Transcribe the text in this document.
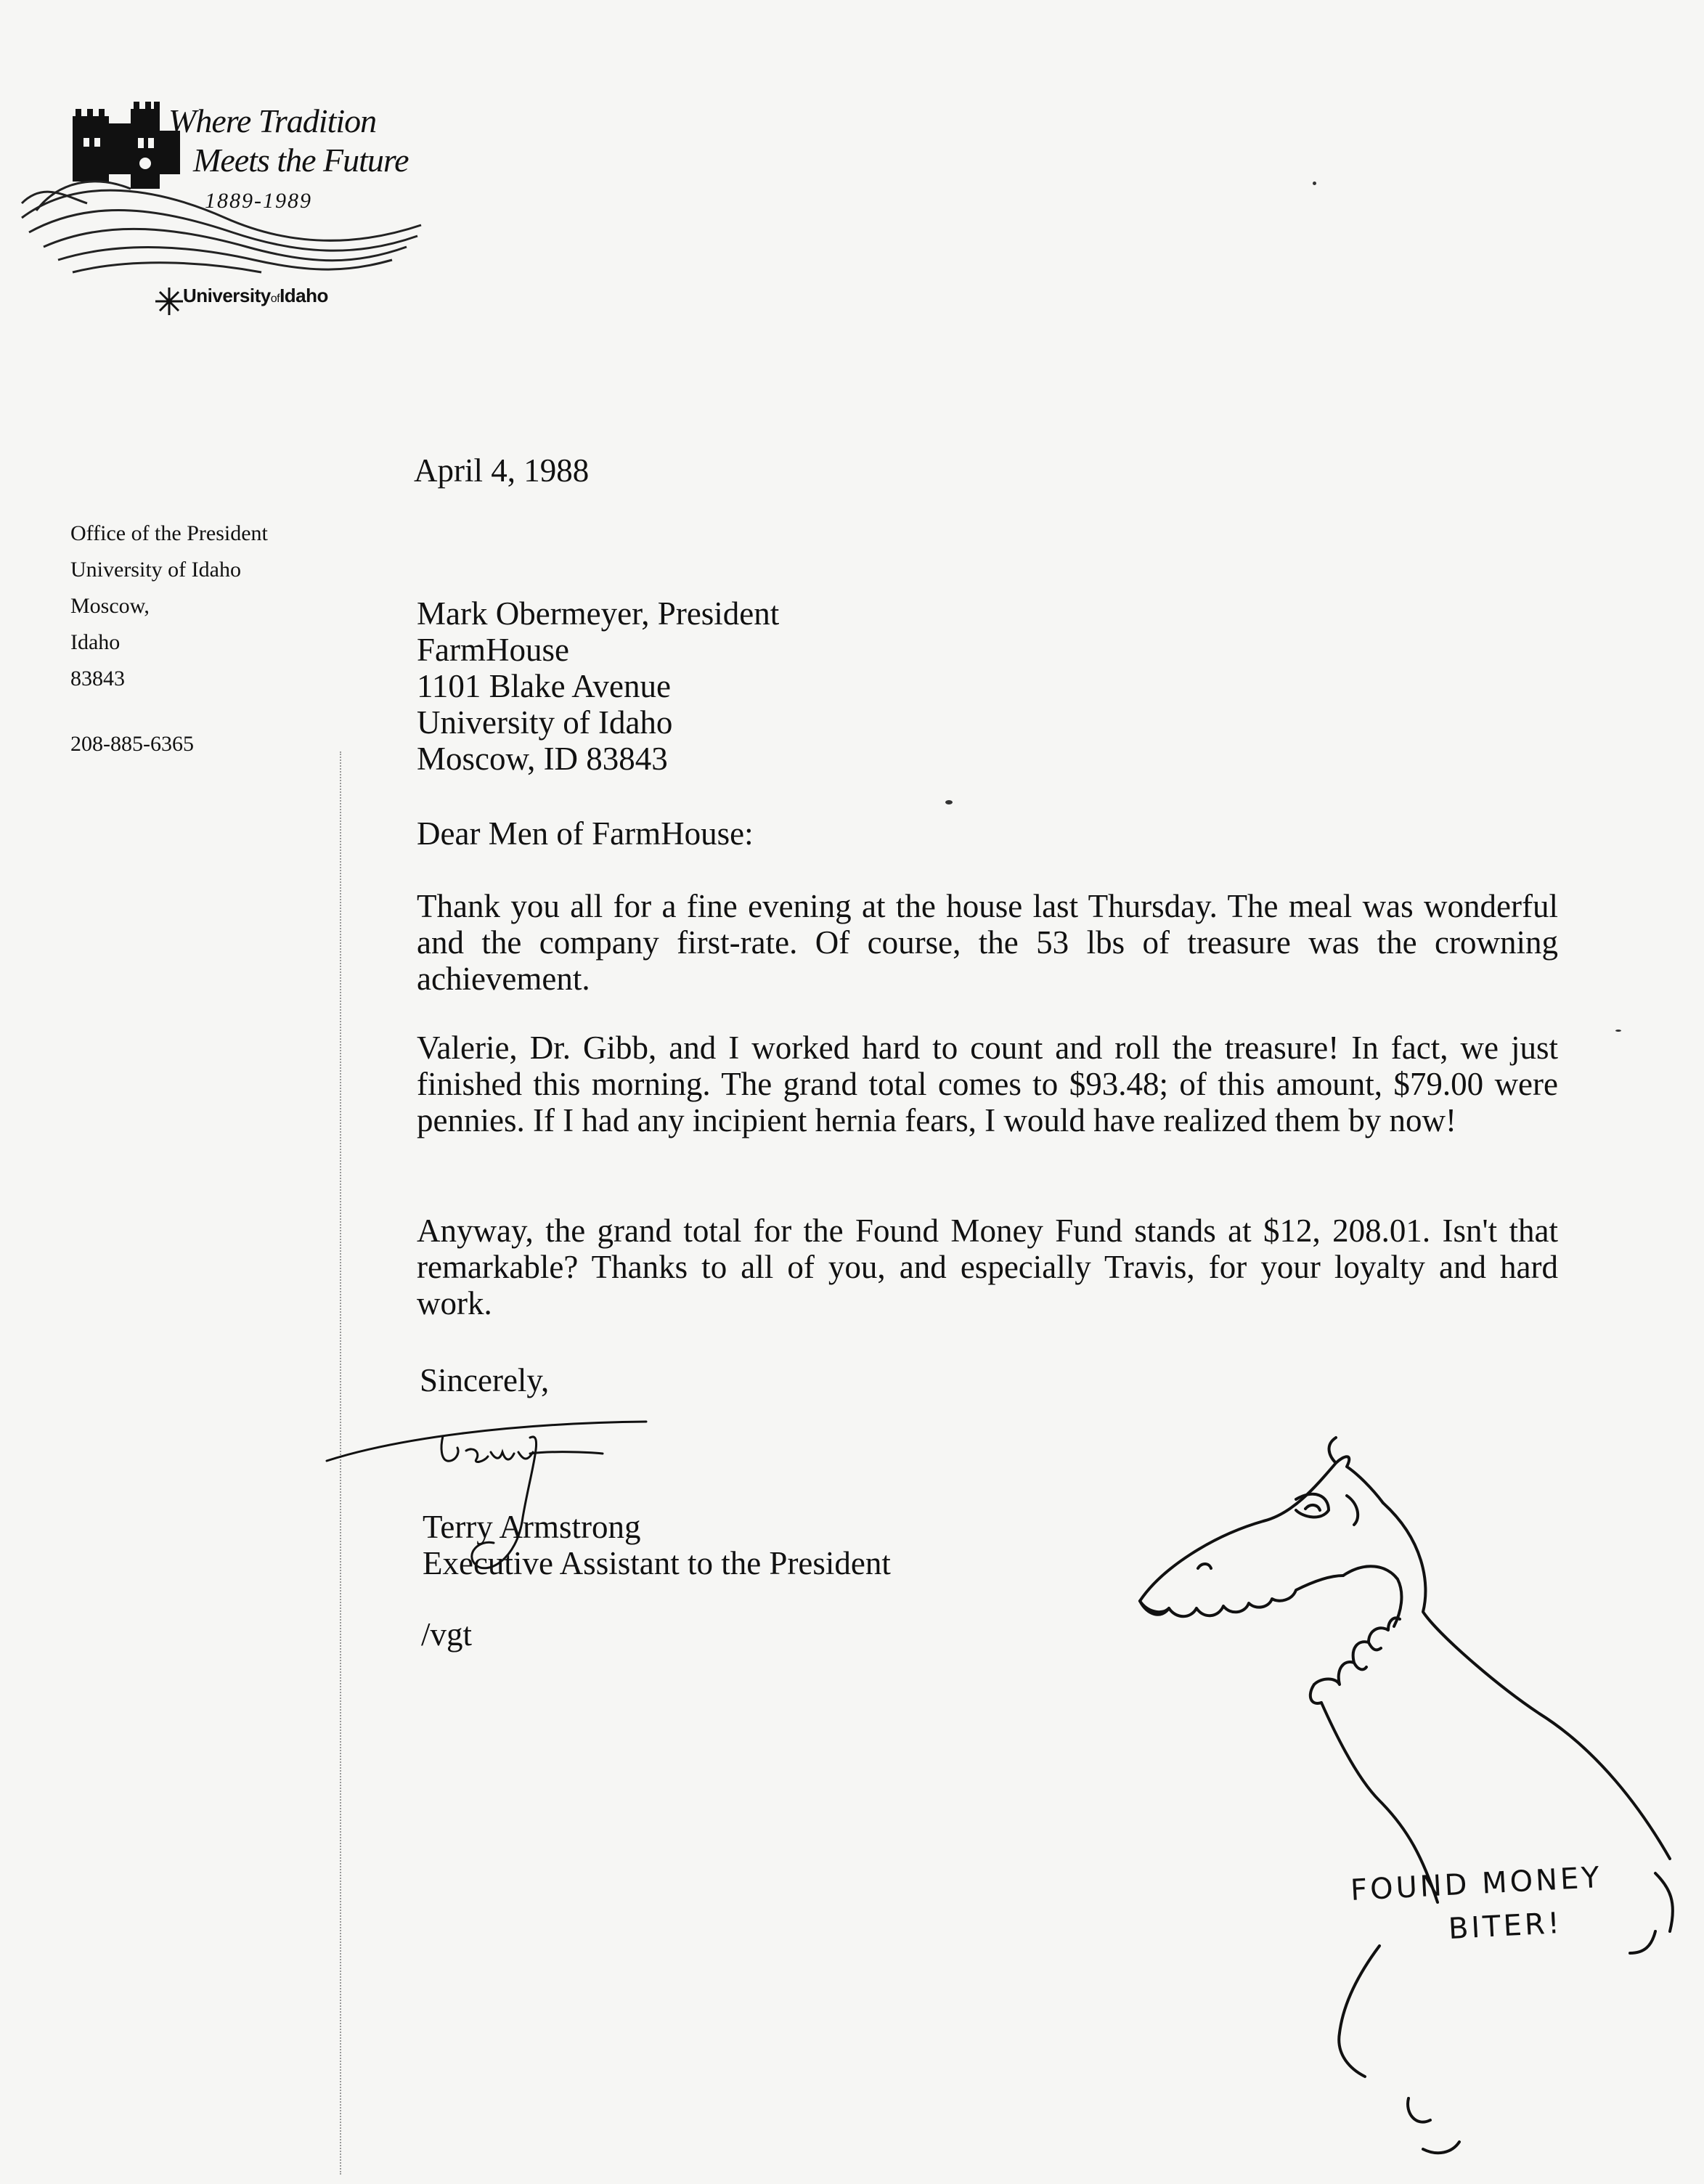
Where Tradition
Meets the Future
1889-1989
UniversityofIdaho
Office of the President
University of Idaho
Moscow,
Idaho
83843
208-885-6365
April 4, 1988
Mark Obermeyer, President
FarmHouse
1101 Blake Avenue
University of Idaho
Moscow, ID 83843
Dear Men of FarmHouse:
Thank you all for a fine evening at the house last Thursday. The meal was wonderful and the company first-rate. Of course, the 53 lbs of treasure was the crowning achievement.
Valerie, Dr. Gibb, and I worked hard to count and roll the treasure! In fact, we just finished this morning. The grand total comes to $93.48; of this amount, $79.00 were pennies. If I had any incipient hernia fears, I would have realized them by now!
Anyway, the grand total for the Found Money Fund stands at $12, 208.01. Isn't that remarkable? Thanks to all of you, and especially Travis, for your loyalty and hard work.
Sincerely,
Terry Armstrong
Executive Assistant to the President
/vgt
FOUND MONEY
BITER!
